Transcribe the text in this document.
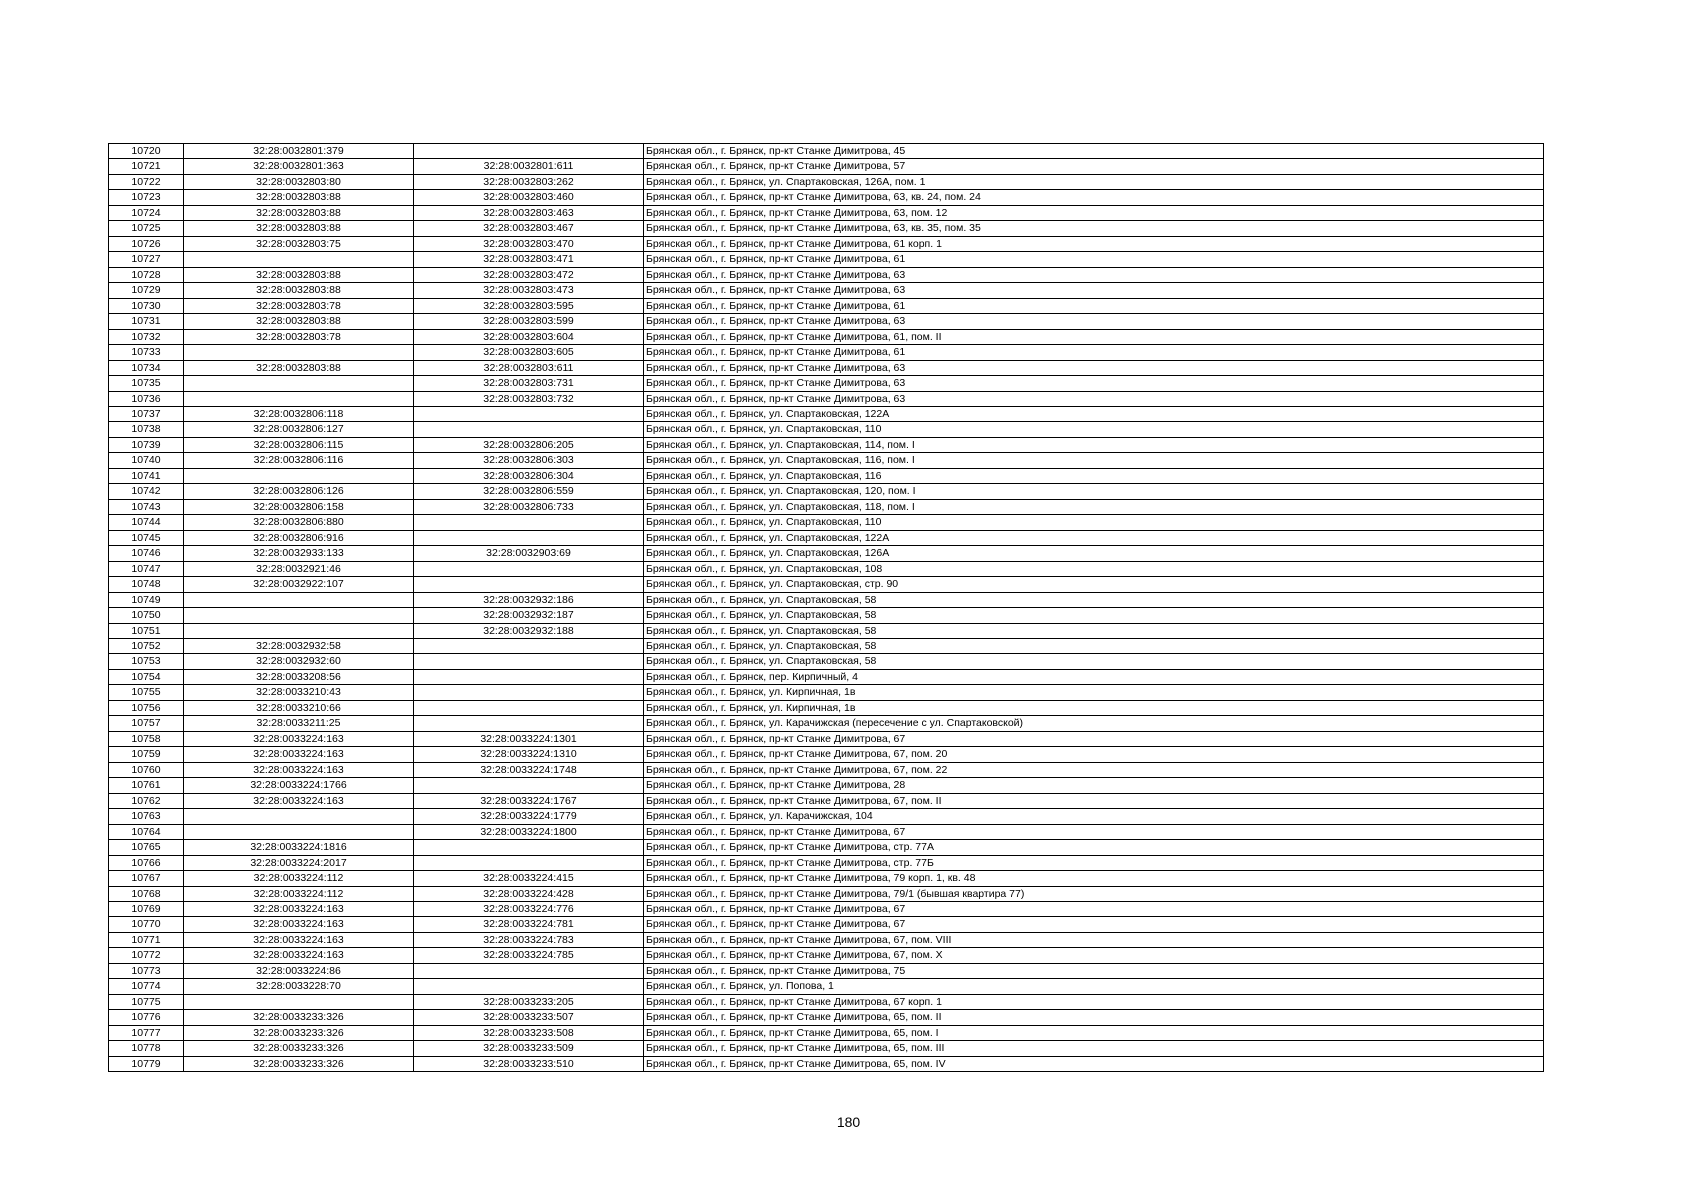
10720	32:28:0032801:379		Брянская обл., г. Брянск, пр-кт Станке Димитрова, 45
10721	32:28:0032801:363	32:28:0032801:611	Брянская обл., г. Брянск, пр-кт Станке Димитрова, 57
10722	32:28:0032803:80	32:28:0032803:262	Брянская обл., г. Брянск, ул. Спартаковская, 126А, пом. 1
10723	32:28:0032803:88	32:28:0032803:460	Брянская обл., г. Брянск, пр-кт Станке Димитрова, 63, кв. 24, пом. 24
10724	32:28:0032803:88	32:28:0032803:463	Брянская обл., г. Брянск, пр-кт Станке Димитрова, 63, пом. 12
10725	32:28:0032803:88	32:28:0032803:467	Брянская обл., г. Брянск, пр-кт Станке Димитрова, 63, кв. 35, пом. 35
10726	32:28:0032803:75	32:28:0032803:470	Брянская обл., г. Брянск, пр-кт Станке Димитрова, 61 корп. 1
10727		32:28:0032803:471	Брянская обл., г. Брянск, пр-кт Станке Димитрова, 61
10728	32:28:0032803:88	32:28:0032803:472	Брянская обл., г. Брянск, пр-кт Станке Димитрова, 63
10729	32:28:0032803:88	32:28:0032803:473	Брянская обл., г. Брянск, пр-кт Станке Димитрова, 63
10730	32:28:0032803:78	32:28:0032803:595	Брянская обл., г. Брянск, пр-кт Станке Димитрова, 61
10731	32:28:0032803:88	32:28:0032803:599	Брянская обл., г. Брянск, пр-кт Станке Димитрова, 63
10732	32:28:0032803:78	32:28:0032803:604	Брянская обл., г. Брянск, пр-кт Станке Димитрова, 61, пом. II
10733		32:28:0032803:605	Брянская обл., г. Брянск, пр-кт Станке Димитрова, 61
10734	32:28:0032803:88	32:28:0032803:611	Брянская обл., г. Брянск, пр-кт Станке Димитрова, 63
10735		32:28:0032803:731	Брянская обл., г. Брянск, пр-кт Станке Димитрова, 63
10736		32:28:0032803:732	Брянская обл., г. Брянск, пр-кт Станке Димитрова, 63
10737	32:28:0032806:118		Брянская обл., г. Брянск, ул. Спартаковская, 122А
10738	32:28:0032806:127		Брянская обл., г. Брянск, ул. Спартаковская, 110
10739	32:28:0032806:115	32:28:0032806:205	Брянская обл., г. Брянск, ул. Спартаковская, 114, пом. I
10740	32:28:0032806:116	32:28:0032806:303	Брянская обл., г. Брянск, ул. Спартаковская, 116, пом. I
10741		32:28:0032806:304	Брянская обл., г. Брянск, ул. Спартаковская, 116
10742	32:28:0032806:126	32:28:0032806:559	Брянская обл., г. Брянск, ул. Спартаковская, 120, пом. I
10743	32:28:0032806:158	32:28:0032806:733	Брянская обл., г. Брянск, ул. Спартаковская, 118, пом. I
10744	32:28:0032806:880		Брянская обл., г. Брянск, ул. Спартаковская, 110
10745	32:28:0032806:916		Брянская обл., г. Брянск, ул. Спартаковская, 122А
10746	32:28:0032933:133	32:28:0032903:69	Брянская обл., г. Брянск, ул. Спартаковская, 126А
10747	32:28:0032921:46		Брянская обл., г. Брянск, ул. Спартаковская, 108
10748	32:28:0032922:107		Брянская обл., г. Брянск, ул. Спартаковская, стр. 90
10749		32:28:0032932:186	Брянская обл., г. Брянск, ул. Спартаковская, 58
10750		32:28:0032932:187	Брянская обл., г. Брянск, ул. Спартаковская, 58
10751		32:28:0032932:188	Брянская обл., г. Брянск, ул. Спартаковская, 58
10752	32:28:0032932:58		Брянская обл., г. Брянск, ул. Спартаковская, 58
10753	32:28:0032932:60		Брянская обл., г. Брянск, ул. Спартаковская, 58
10754	32:28:0033208:56		Брянская обл., г. Брянск, пер. Кирпичный, 4
10755	32:28:0033210:43		Брянская обл., г. Брянск, ул. Кирпичная, 1в
10756	32:28:0033210:66		Брянская обл., г. Брянск, ул. Кирпичная, 1в
10757	32:28:0033211:25		Брянская обл., г. Брянск, ул. Карачижская (пересечение с ул. Спартаковской)
10758	32:28:0033224:163	32:28:0033224:1301	Брянская обл., г. Брянск, пр-кт Станке Димитрова, 67
10759	32:28:0033224:163	32:28:0033224:1310	Брянская обл., г. Брянск, пр-кт Станке Димитрова, 67, пом. 20
10760	32:28:0033224:163	32:28:0033224:1748	Брянская обл., г. Брянск, пр-кт Станке Димитрова, 67, пом. 22
10761	32:28:0033224:1766		Брянская обл., г. Брянск, пр-кт Станке Димитрова, 28
10762	32:28:0033224:163	32:28:0033224:1767	Брянская обл., г. Брянск, пр-кт Станке Димитрова, 67, пом. II
10763		32:28:0033224:1779	Брянская обл., г. Брянск, ул. Карачижская, 104
10764		32:28:0033224:1800	Брянская обл., г. Брянск, пр-кт Станке Димитрова, 67
10765	32:28:0033224:1816		Брянская обл., г. Брянск, пр-кт Станке Димитрова, стр. 77А
10766	32:28:0033224:2017		Брянская обл., г. Брянск, пр-кт Станке Димитрова, стр. 77Б
10767	32:28:0033224:112	32:28:0033224:415	Брянская обл., г. Брянск, пр-кт Станке Димитрова, 79 корп. 1, кв. 48
10768	32:28:0033224:112	32:28:0033224:428	Брянская обл., г. Брянск, пр-кт Станке Димитрова, 79/1 (бывшая квартира 77)
10769	32:28:0033224:163	32:28:0033224:776	Брянская обл., г. Брянск, пр-кт Станке Димитрова, 67
10770	32:28:0033224:163	32:28:0033224:781	Брянская обл., г. Брянск, пр-кт Станке Димитрова, 67
10771	32:28:0033224:163	32:28:0033224:783	Брянская обл., г. Брянск, пр-кт Станке Димитрова, 67, пом. VIII
10772	32:28:0033224:163	32:28:0033224:785	Брянская обл., г. Брянск, пр-кт Станке Димитрова, 67, пом. X
10773	32:28:0033224:86		Брянская обл., г. Брянск, пр-кт Станке Димитрова, 75
10774	32:28:0033228:70		Брянская обл., г. Брянск, ул. Попова, 1
10775		32:28:0033233:205	Брянская обл., г. Брянск, пр-кт Станке Димитрова, 67 корп. 1
10776	32:28:0033233:326	32:28:0033233:507	Брянская обл., г. Брянск, пр-кт Станке Димитрова, 65, пом. II
10777	32:28:0033233:326	32:28:0033233:508	Брянская обл., г. Брянск, пр-кт Станке Димитрова, 65, пом. I
10778	32:28:0033233:326	32:28:0033233:509	Брянская обл., г. Брянск, пр-кт Станке Димитрова, 65, пом. III
10779	32:28:0033233:326	32:28:0033233:510	Брянская обл., г. Брянск, пр-кт Станке Димитрова, 65, пом. IV
180
